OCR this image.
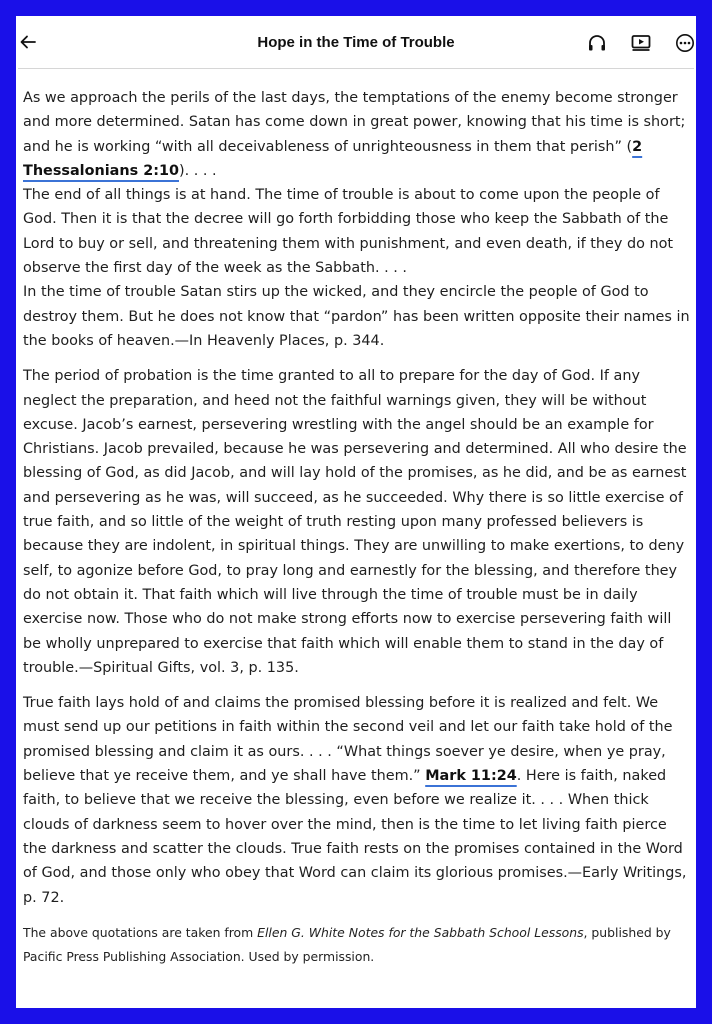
Hope in the Time of Trouble

As we approach the perils of the last days, the temptations of the enemy become stronger and more determined. Satan has come down in great power, knowing that his time is short; and he is working “with all deceivableness of unrighteousness in them that perish” (2 Thessalonians 2:10). . . .
The end of all things is at hand. The time of trouble is about to come upon the people of God. Then it is that the decree will go forth forbidding those who keep the Sabbath of the Lord to buy or sell, and threatening them with punishment, and even death, if they do not observe the first day of the week as the Sabbath. . . .
In the time of trouble Satan stirs up the wicked, and they encircle the people of God to destroy them. But he does not know that “pardon” has been written opposite their names in the books of heaven.—In Heavenly Places, p. 344.

The period of probation is the time granted to all to prepare for the day of God. If any neglect the preparation, and heed not the faithful warnings given, they will be without excuse. Jacob’s earnest, persevering wrestling with the angel should be an example for Christians. Jacob prevailed, because he was persevering and determined. All who desire the blessing of God, as did Jacob, and will lay hold of the promises, as he did, and be as earnest and persevering as he was, will succeed, as he succeeded. Why there is so little exercise of true faith, and so little of the weight of truth resting upon many professed believers is because they are indolent, in spiritual things. They are unwilling to make exertions, to deny self, to agonize before God, to pray long and earnestly for the blessing, and therefore they do not obtain it. That faith which will live through the time of trouble must be in daily exercise now. Those who do not make strong efforts now to exercise persevering faith will be wholly unprepared to exercise that faith which will enable them to stand in the day of trouble.—Spiritual Gifts, vol. 3, p. 135.

True faith lays hold of and claims the promised blessing before it is realized and felt. We must send up our petitions in faith within the second veil and let our faith take hold of the promised blessing and claim it as ours. . . . “What things soever ye desire, when ye pray, believe that ye receive them, and ye shall have them.” Mark 11:24. Here is faith, naked faith, to believe that we receive the blessing, even before we realize it. . . . When thick clouds of darkness seem to hover over the mind, then is the time to let living faith pierce the darkness and scatter the clouds. True faith rests on the promises contained in the Word of God, and those only who obey that Word can claim its glorious promises.—Early Writings, p. 72.

The above quotations are taken from Ellen G. White Notes for the Sabbath School Lessons, published by Pacific Press Publishing Association. Used by permission.
